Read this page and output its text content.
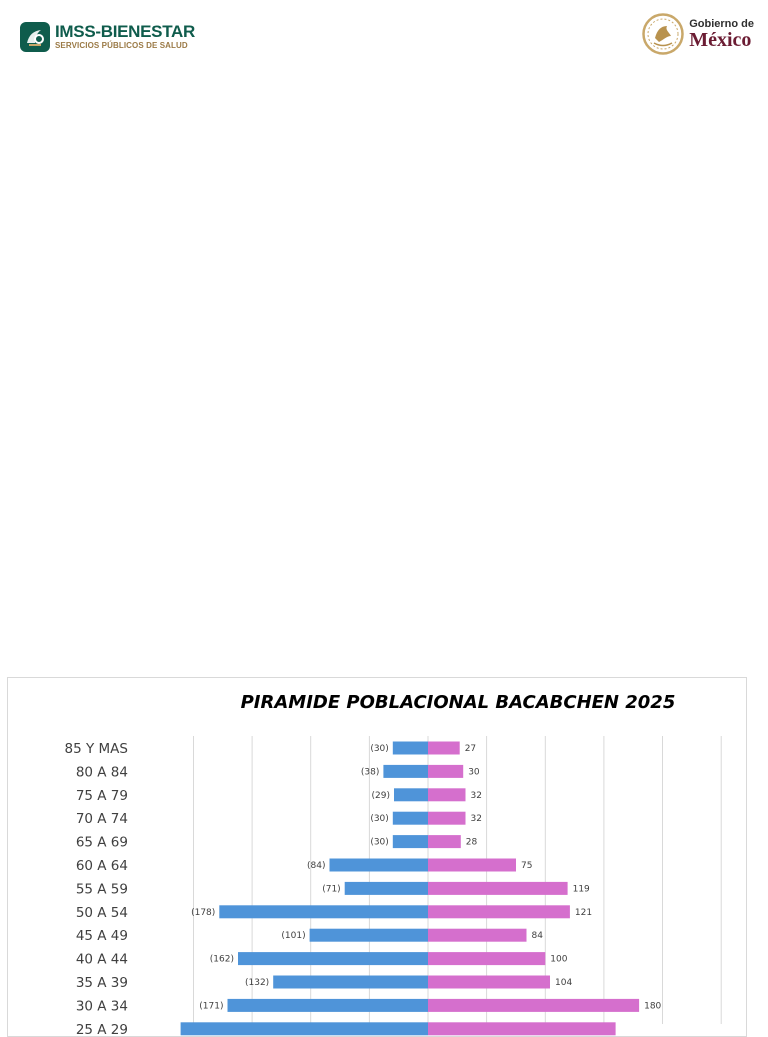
IMSS-BIENESTAR
SERVICIOS PÚBLICOS DE SALUD
Gobierno de
México
PIRAMIDE POBLACIONAL BACABCHEN 2025
(30)	27
(38)	30
(29)	32
(30)	32
(30)	28
(84)	75
(71)	119
(178)	121
(101)	84
(162)	100
(132)	104
(171)	180
85 Y MAS
80 A 84
75 A 79
70 A 74
65 A 69
60 A 64
55 A 59
50 A 54
45 A 49
40 A 44
35 A 39
30 A 34
25 A 29
